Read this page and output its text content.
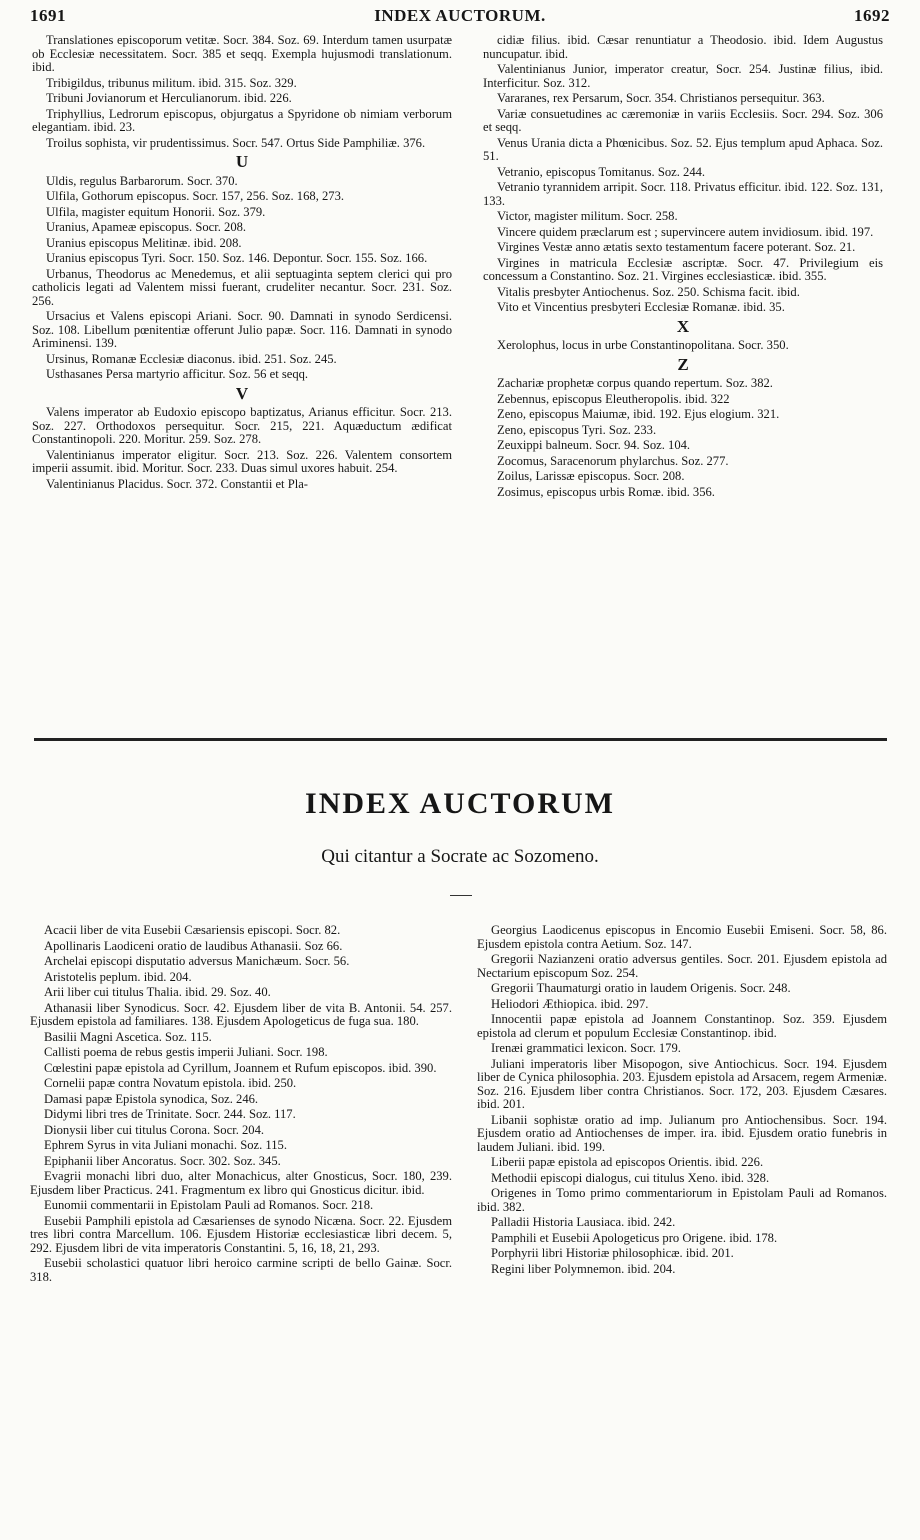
1691	INDEX AUCTORUM.	1692
Translationes episcoporum vetitæ. Socr. 384. Soz. 69. Interdum tamen usurpatæ ob Ecclesiæ necessitatem. Socr. 385 et seqq. Exempla hujusmodi translationum. ibid.
Tribigildus, tribunus militum. ibid. 315. Soz. 329.
Tribuni Jovianorum et Herculianorum. ibid. 226.
Triphyllius, Ledrorum episcopus, objurgatus a Spyridone ob nimiam verborum elegantiam. ibid. 23.
Troilus sophista, vir prudentissimus. Socr. 547. Ortus Side Pamphiliæ. 376.
U
Uldis, regulus Barbarorum. Socr. 370.
Ulfila, Gothorum episcopus. Socr. 157, 256. Soz. 168, 273.
Ulfila, magister equitum Honorii. Soz. 379.
Uranius, Apameæ episcopus. Socr. 208.
Uranius episcopus Melitinæ. ibid. 208.
Uranius episcopus Tyri. Socr. 150. Soz. 146. Depontur. Socr. 155. Soz. 166.
Urbanus, Theodorus ac Menedemus, et alii septuaginta septem clerici qui pro catholicis legati ad Valentem missi fuerant, crudeliter necantur. Socr. 231. Soz. 256.
Ursacius et Valens episcopi Ariani. Socr. 90. Damnati in synodo Serdicensi. Soz. 108. Libellum pœnitentiæ offerunt Julio papæ. Socr. 116. Damnati in synodo Ariminensi. 139.
Ursinus, Romanæ Ecclesiæ diaconus. ibid. 251. Soz. 245.
Usthasanes Persa martyrio afficitur. Soz. 56 et seqq.
V
Valens imperator ab Eudoxio episcopo baptizatus, Arianus efficitur. Socr. 213. Soz. 227. Orthodoxos persequitur. Socr. 215, 221. Aquæductum ædificat Constantinopoli. 220. Moritur. 259. Soz. 278.
Valentinianus imperator eligitur. Socr. 213. Soz. 226. Valentem consortem imperii assumit. ibid. Moritur. Socr. 233. Duas simul uxores habuit. 254.
Valentinianus Placidus. Socr. 372. Constantii et Pla-
cidiæ filius. ibid. Cæsar renuntiatur a Theodosio. ibid. Idem Augustus nuncupatur. ibid.
Valentinianus Junior, imperator creatur, Socr. 254. Justinæ filius, ibid. Interficitur. Soz. 312.
Vararanes, rex Persarum, Socr. 354. Christianos persequitur. 363.
Variæ consuetudines ac cæremoniæ in variis Ecclesiis. Socr. 294. Soz. 306 et seqq.
Venus Urania dicta a Phœnicibus. Soz. 52. Ejus templum apud Aphaca. Soz. 51.
Vetranio, episcopus Tomitanus. Soz. 244.
Vetranio tyrannidem arripit. Socr. 118. Privatus efficitur. ibid. 122. Soz. 131, 133.
Victor, magister militum. Socr. 258.
Vincere quidem præclarum est ; supervincere autem invidiosum. ibid. 197.
Virgines Vestæ anno ætatis sexto testamentum facere poterant. Soz. 21.
Virgines in matricula Ecclesiæ ascriptæ. Socr. 47. Privilegium eis concessum a Constantino. Soz. 21. Virgines ecclesiasticæ. ibid. 355.
Vitalis presbyter Antiochenus. Soz. 250. Schisma facit. ibid.
Vito et Vincentius presbyteri Ecclesiæ Romanæ. ibid. 35.
X
Xerolophus, locus in urbe Constantinopolitana. Socr. 350.
Z
Zachariæ prophetæ corpus quando repertum. Soz. 382.
Zebennus, episcopus Eleutheropolis. ibid. 322
Zeno, episcopus Maiumæ, ibid. 192. Ejus elogium. 321.
Zeno, episcopus Tyri. Soz. 233.
Zeuxippi balneum. Socr. 94. Soz. 104.
Zocomus, Saracenorum phylarchus. Soz. 277.
Zoilus, Larissæ episcopus. Socr. 208.
Zosimus, episcopus urbis Romæ. ibid. 356.
INDEX AUCTORUM
Qui citantur a Socrate ac Sozomeno.
Acacii liber de vita Eusebii Cæsariensis episcopi. Socr. 82.
Apollinaris Laodiceni oratio de laudibus Athanasii. Soz 66.
Archelai episcopi disputatio adversus Manichæum. Socr. 56.
Aristotelis peplum. ibid. 204.
Arii liber cui titulus Thalia. ibid. 29. Soz. 40.
Athanasii liber Synodicus. Socr. 42. Ejusdem liber de vita B. Antonii. 54. 257. Ejusdem epistola ad familiares. 138. Ejusdem Apologeticus de fuga sua. 180.
Basilii Magni Ascetica. Soz. 115.
Callisti poema de rebus gestis imperii Juliani. Socr. 198.
Cœlestini papæ epistola ad Cyrillum, Joannem et Rufum episcopos. ibid. 390.
Cornelii papæ contra Novatum epistola. ibid. 250.
Damasi papæ Epistola synodica, Soz. 246.
Didymi libri tres de Trinitate. Socr. 244. Soz. 117.
Dionysii liber cui titulus Corona. Socr. 204.
Ephrem Syrus in vita Juliani monachi. Soz. 115.
Epiphanii liber Ancoratus. Socr. 302. Soz. 345.
Evagrii monachi libri duo, alter Monachicus, alter Gnosticus, Socr. 180, 239. Ejusdem liber Practicus. 241. Fragmentum ex libro qui Gnosticus dicitur. ibid.
Eunomii commentarii in Epistolam Pauli ad Romanos. Socr. 218.
Eusebii Pamphili epistola ad Cæsarienses de synodo Nicæna. Socr. 22. Ejusdem tres libri contra Marcellum. 106. Ejusdem Historiæ ecclesiasticæ libri decem. 5, 292. Ejusdem libri de vita imperatoris Constantini. 5, 16, 18, 21, 293.
Eusebii scholastici quatuor libri heroico carmine scripti de bello Gainæ. Socr. 318.
Georgius Laodicenus episcopus in Encomio Eusebii Emiseni. Socr. 58, 86. Ejusdem epistola contra Aetium. Soz. 147.
Gregorii Nazianzeni oratio adversus gentiles. Socr. 201. Ejusdem epistola ad Nectarium episcopum Soz. 254.
Gregorii Thaumaturgi oratio in laudem Origenis. Socr. 248.
Heliodori Æthiopica. ibid. 297.
Innocentii papæ epistola ad Joannem Constantinop. Soz. 359. Ejusdem epistola ad clerum et populum Ecclesiæ Constantinop. ibid.
Irenæi grammatici lexicon. Socr. 179.
Juliani imperatoris liber Misopogon, sive Antiochicus. Socr. 194. Ejusdem liber de Cynica philosophia. 203. Ejusdem epistola ad Arsacem, regem Armeniæ. Soz. 216. Ejusdem liber contra Christianos. Socr. 172, 203. Ejusdem Cæsares. ibid. 201.
Libanii sophistæ oratio ad imp. Julianum pro Antiochensibus. Socr. 194. Ejusdem oratio ad Antiochenses de imper. ira. ibid. Ejusdem oratio funebris in laudem Juliani. ibid. 199.
Liberii papæ epistola ad episcopos Orientis. ibid. 226.
Methodii episcopi dialogus, cui titulus Xeno. ibid. 328.
Origenes in Tomo primo commentariorum in Epistolam Pauli ad Romanos. ibid. 382.
Palladii Historia Lausiaca. ibid. 242.
Pamphili et Eusebii Apologeticus pro Origene. ibid. 178.
Porphyrii libri Historiæ philosophicæ. ibid. 201.
Regini liber Polymnemon. ibid. 204.
